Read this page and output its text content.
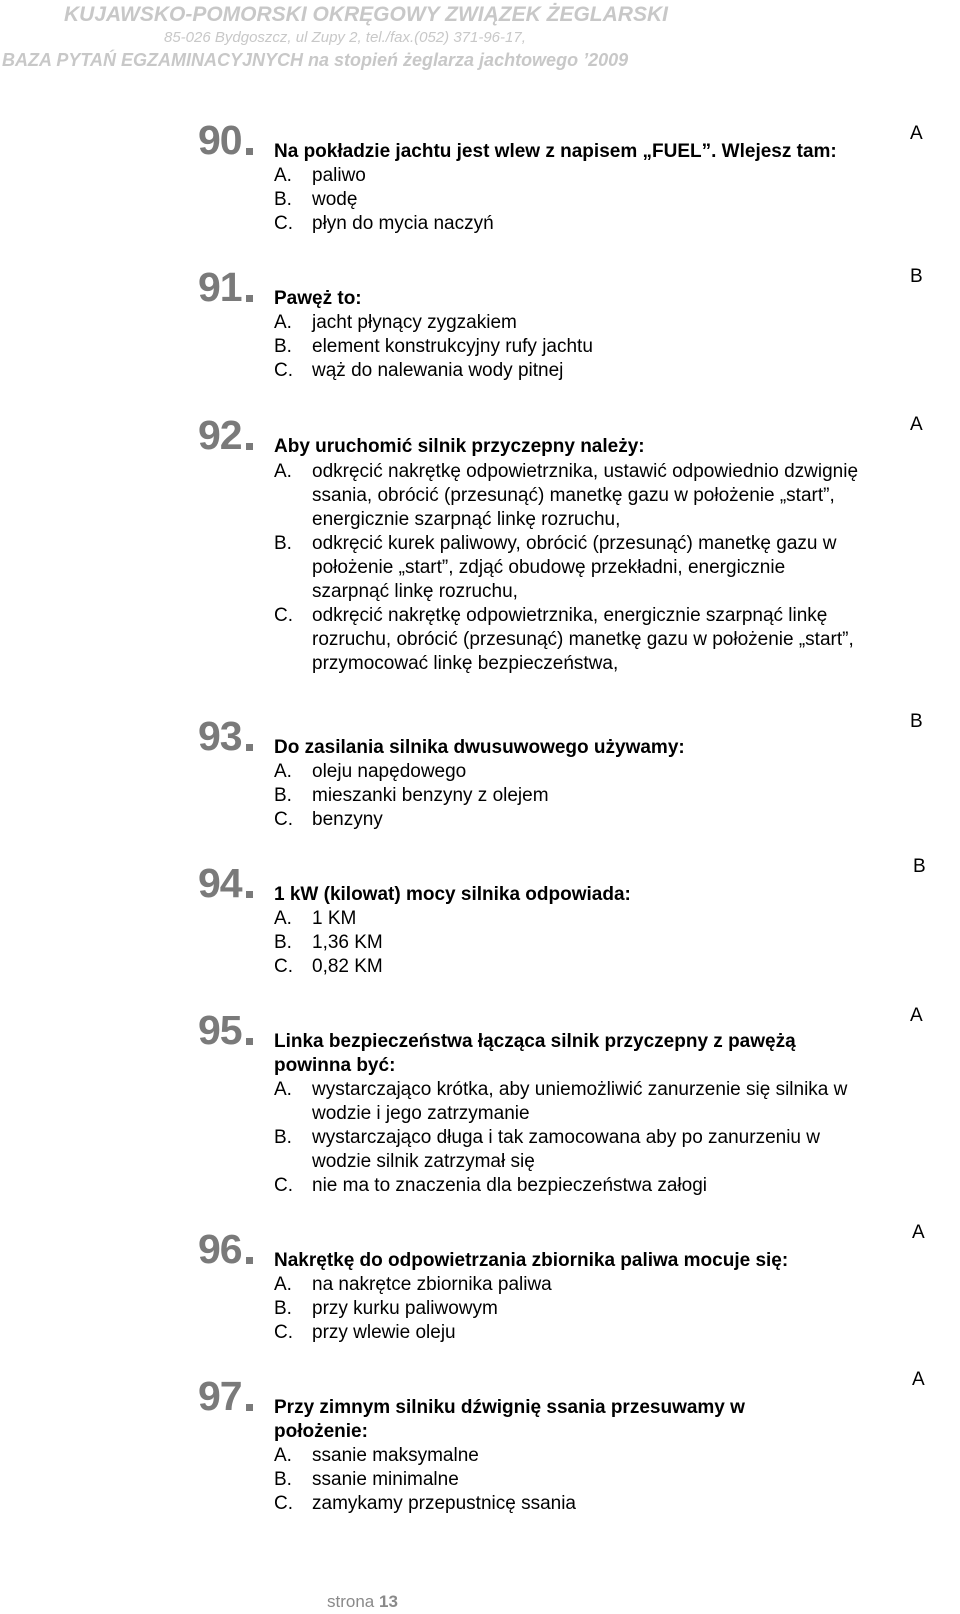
KUJAWSKO-POMORSKI OKRĘGOWY ZWIĄZEK ŻEGLARSKI
85-026 Bydgoszcz, ul Zupy 2, tel./fax.(052) 371-96-17,
BAZA PYTAŃ EGZAMINACYJNYCH na stopień żeglarza jachtowego ’2009
90 Na pokładzie jachtu jest wlew z napisem „FUEL”. Wlejesz tam:
A
A. paliwo
B. wodę
C. płyn do mycia naczyń
91 Pawęż to:
B
A. jacht płynący zygzakiem
B. element konstrukcyjny rufy jachtu
C. wąż do nalewania wody pitnej
92 Aby uruchomić silnik przyczepny należy:
A
A. odkręcić nakrętkę odpowietrznika, ustawić odpowiednio dzwignię ssania, obrócić (przesunąć) manetkę gazu w położenie „start”, energicznie szarpnąć linkę rozruchu,
B. odkręcić kurek paliwowy, obrócić (przesunąć) manetkę gazu w położenie „start”, zdjąć obudowę przekładni, energicznie szarpnąć linkę rozruchu,
C. odkręcić nakrętkę odpowietrznika, energicznie szarpnąć linkę rozruchu, obrócić (przesunąć) manetkę gazu w położenie „start”, przymocować linkę bezpieczeństwa,
93 Do zasilania silnika dwusuwowego używamy:
B
A. oleju napędowego
B. mieszanki benzyny z olejem
C. benzyny
94 1 kW (kilowat) mocy silnika odpowiada:
B
A. 1 KM
B. 1,36 KM
C. 0,82 KM
95 Linka bezpieczeństwa łącząca silnik przyczepny z pawężą powinna być:
A
A. wystarczająco krótka, aby uniemożliwić zanurzenie się silnika w wodzie i jego zatrzymanie
B. wystarczająco długa i tak zamocowana aby po zanurzeniu w wodzie silnik zatrzymał się
C. nie ma to znaczenia dla bezpieczeństwa załogi
96 Nakrętkę do odpowietrzania zbiornika paliwa mocuje się:
A
A. na nakrętce zbiornika paliwa
B. przy kurku paliwowym
C. przy wlewie oleju
97 Przy zimnym silniku dźwignię ssania przesuwamy w położenie:
A
A. ssanie maksymalne
B. ssanie minimalne
C. zamykamy przepustnicę ssania
strona 13
